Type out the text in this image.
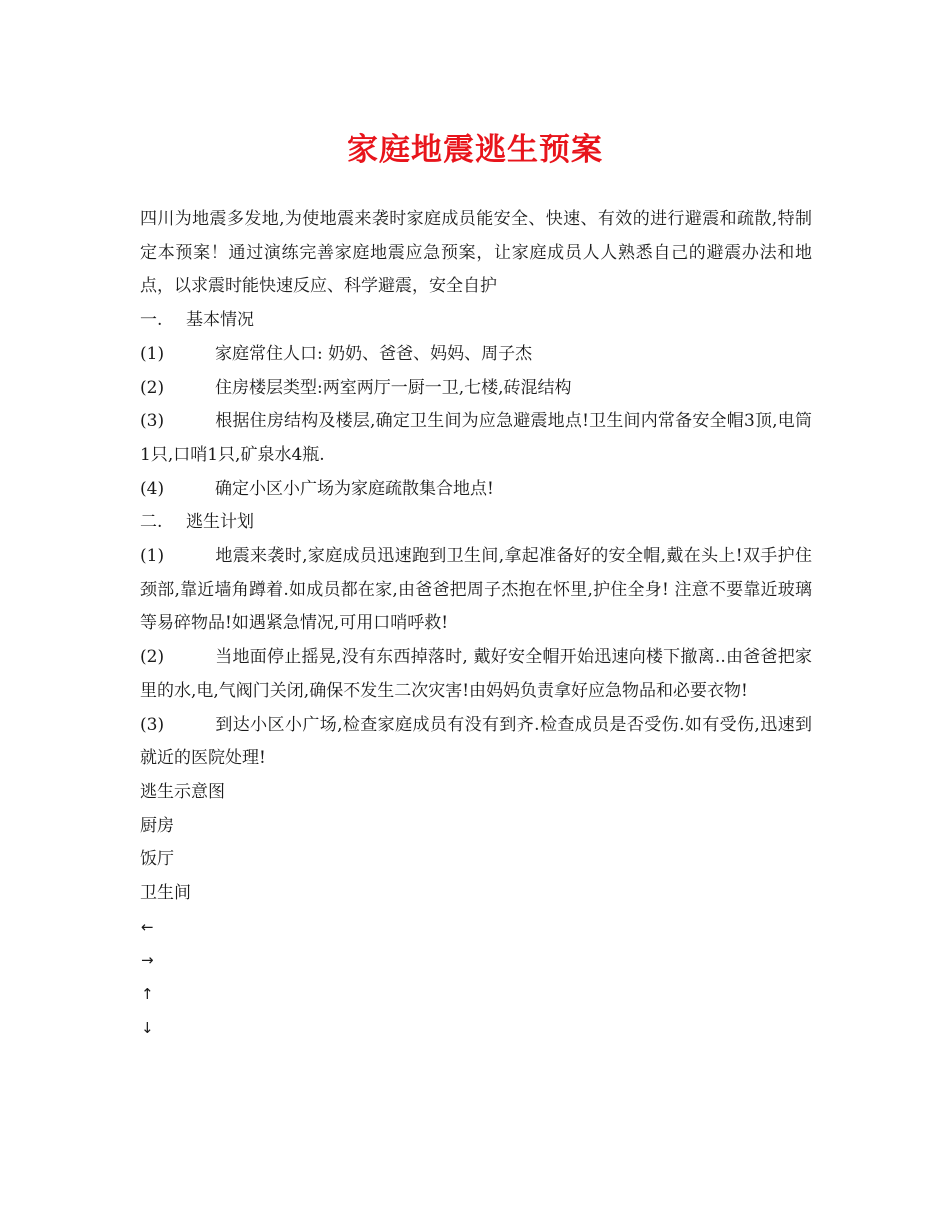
家庭地震逃生预案

四川为地震多发地,为使地震来袭时家庭成员能安全、快速、有效的进行避震和疏散,特制定本预案！通过演练完善家庭地震应急预案，让家庭成员人人熟悉自己的避震办法和地点，以求震时能快速反应、科学避震，安全自护

一. 基本情况

(1)	家庭常住人口: 奶奶、爸爸、妈妈、周子杰

(2)	住房楼层类型:两室两厅一厨一卫,七楼,砖混结构

(3)	根据住房结构及楼层,确定卫生间为应急避震地点!卫生间内常备安全帽3顶,电筒1只,口哨1只,矿泉水4瓶.

(4)	确定小区小广场为家庭疏散集合地点!

二. 逃生计划

(1)	地震来袭时,家庭成员迅速跑到卫生间,拿起准备好的安全帽,戴在头上!双手护住颈部,靠近墙角蹲着.如成员都在家,由爸爸把周子杰抱在怀里,护住全身! 注意不要靠近玻璃等易碎物品!如遇紧急情况,可用口哨呼救!

(2)	当地面停止摇晃,没有东西掉落时, 戴好安全帽开始迅速向楼下撤离..由爸爸把家里的水,电,气阀门关闭,确保不发生二次灾害!由妈妈负责拿好应急物品和必要衣物!

(3)	到达小区小广场,检查家庭成员有没有到齐.检查成员是否受伤.如有受伤,迅速到就近的医院处理!

逃生示意图

厨房

饭厅

卫生间

←

→

↑

↓
